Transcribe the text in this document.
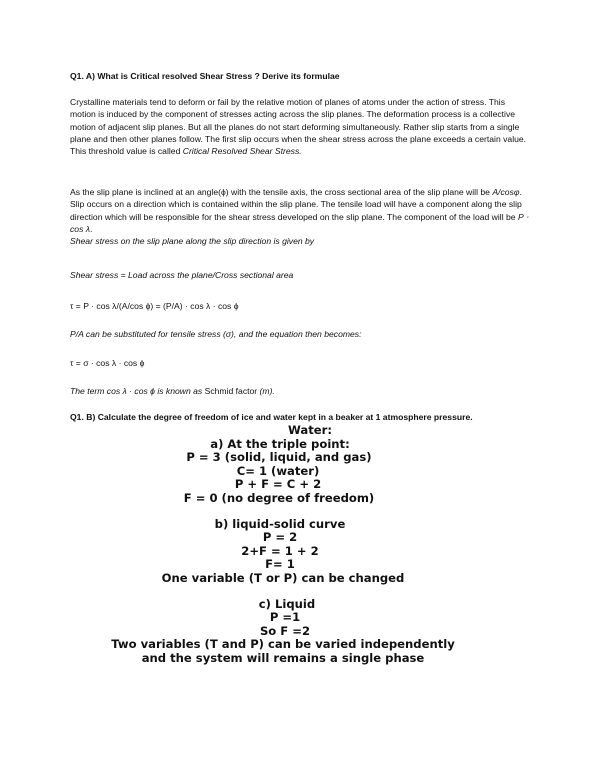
Q1. A) What is Critical resolved Shear Stress ? Derive its formulae
Crystalline materials tend to deform or fail by the relative motion of planes of atoms under the action of stress. This motion is induced by the component of stresses acting across the slip planes. The deformation process is a collective motion of adjacent slip planes. But all the planes do not start deforming simultaneously. Rather slip starts from a single plane and then other planes follow. The first slip occurs when the shear stress across the plane exceeds a certain value. This threshold value is called Critical Resolved Shear Stress.
As the slip plane is inclined at an angle(ϕ) with the tensile axis, the cross sectional area of the slip plane will be A/cosφ. Slip occurs on a direction which is contained within the slip plane. The tensile load will have a component along the slip direction which will be responsible for the shear stress developed on the slip plane. The component of the load will be P ⋅ cos λ.
Shear stress on the slip plane along the slip direction is given by
Shear stress = Load across the plane/Cross sectional area
τ = P · cos λ/(A/cos ϕ) = (P/A) · cos λ · cos ϕ
P/A can be substituted for tensile stress (σ), and the equation then becomes:
τ = σ · cos λ · cos ϕ
The term cos λ · cos ϕ is known as Schmid factor (m).
Q1. B) Calculate the degree of freedom of ice and water kept in a beaker at 1 atmosphere pressure.
Water:
a) At the triple point:
P = 3 (solid, liquid, and gas)
C= 1 (water)
P + F = C + 2
F = 0 (no degree of freedom)
b) liquid-solid curve
P = 2
2+F = 1 + 2
F= 1
One variable (T or P) can be changed
c) Liquid
P =1
So F =2
Two variables (T and P) can be varied independently
and the system will remains a single phase
